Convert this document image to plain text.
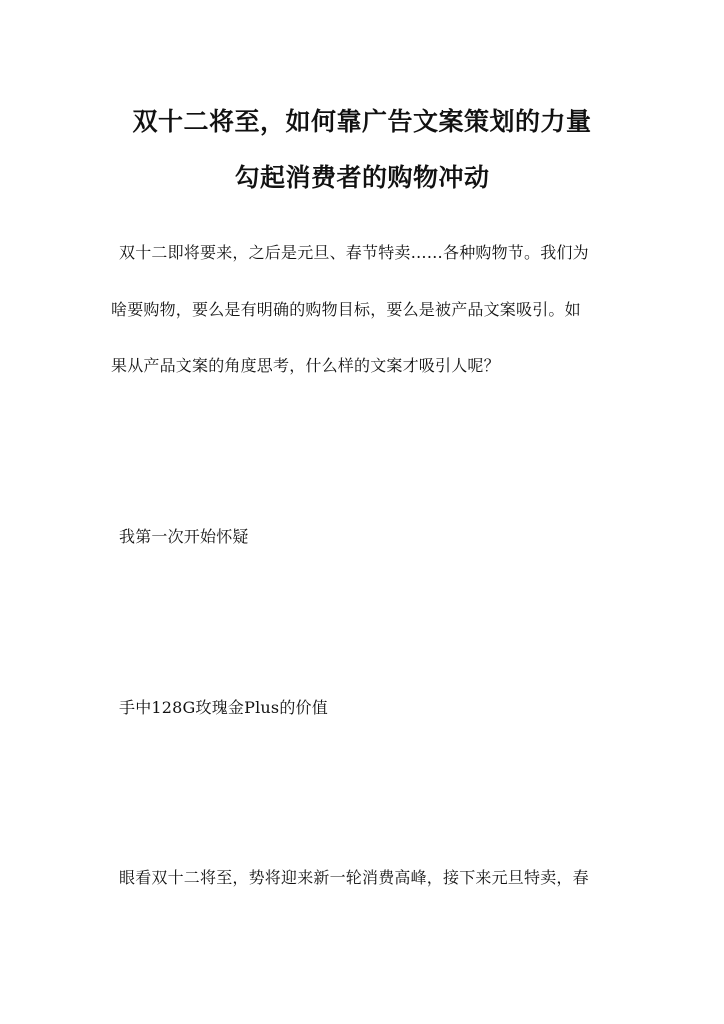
双十二将至，如何靠广告文案策划的力量
勾起消费者的购物冲动
双十二即将要来，之后是元旦、春节特卖……各种购物节。我们为
啥要购物，要么是有明确的购物目标，要么是被产品文案吸引。如
果从产品文案的角度思考，什么样的文案才吸引人呢？
我第一次开始怀疑
手中128G玫瑰金Plus的价值
眼看双十二将至，势将迎来新一轮消费高峰，接下来元旦特卖，春
